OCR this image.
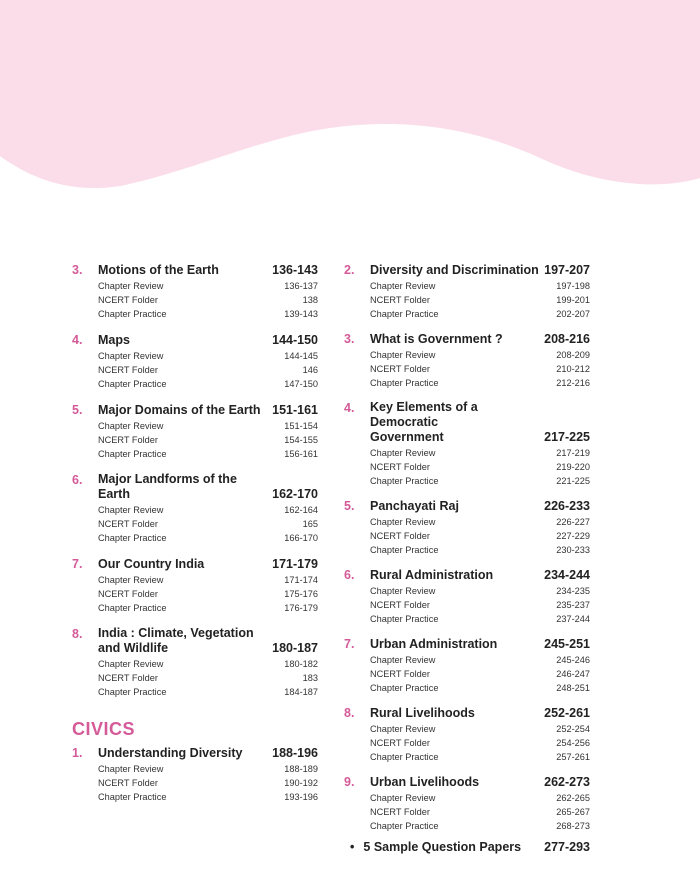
3. Motions of the Earth	136-143
Chapter Review	136-137
NCERT Folder	138
Chapter Practice	139-143
4. Maps	144-150
Chapter Review	144-145
NCERT Folder	146
Chapter Practice	147-150
5. Major Domains of the Earth 151-161
Chapter Review	151-154
NCERT Folder	154-155
Chapter Practice	156-161
6. Major Landforms of the Earth	162-170
Chapter Review	162-164
NCERT Folder	165
Chapter Practice	166-170
7. Our Country India	171-179
Chapter Review	171-174
NCERT Folder	175-176
Chapter Practice	176-179
8. India : Climate, Vegetation
and Wildlife	180-187
Chapter Review	180-182
NCERT Folder	183
Chapter Practice	184-187
CIVICS
1. Understanding Diversity 188-196
Chapter Review	188-189
NCERT Folder	190-192
Chapter Practice	193-196
2. Diversity and Discrimination 197-207
Chapter Review	197-198
NCERT Folder	199-201
Chapter Practice	202-207
3. What is Government ?	208-216
Chapter Review	208-209
NCERT Folder	210-212
Chapter Practice	212-216
4. Key Elements of a Democratic
Government	217-225
Chapter Review	217-219
NCERT Folder	219-220
Chapter Practice	221-225
5. Panchayati Raj	226-233
Chapter Review	226-227
NCERT Folder	227-229
Chapter Practice	230-233
6. Rural Administration	234-244
Chapter Review	234-235
NCERT Folder	235-237
Chapter Practice	237-244
7. Urban Administration	245-251
Chapter Review	245-246
NCERT Folder	246-247
Chapter Practice	248-251
8. Rural Livelihoods	252-261
Chapter Review	252-254
NCERT Folder	254-256
Chapter Practice	257-261
9. Urban Livelihoods	262-273
Chapter Review	262-265
NCERT Folder	265-267
Chapter Practice	268-273
• 5 Sample Question Papers 277-293
